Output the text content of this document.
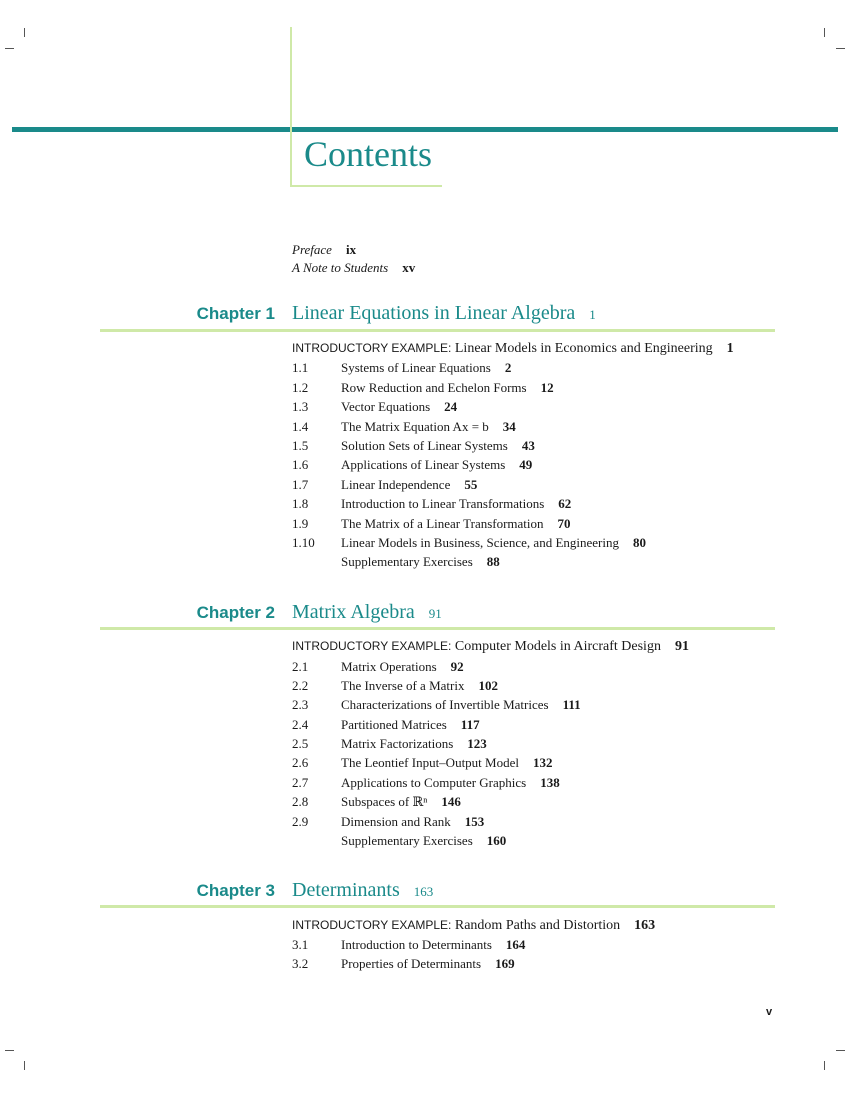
Contents
Preface ix
A Note to Students xv
Chapter 1 Linear Equations in Linear Algebra 1
INTRODUCTORY EXAMPLE: Linear Models in Economics and Engineering 1
1.1	Systems of Linear Equations 2
1.2	Row Reduction and Echelon Forms 12
1.3	Vector Equations 24
1.4	The Matrix Equation Ax = b 34
1.5	Solution Sets of Linear Systems 43
1.6	Applications of Linear Systems 49
1.7	Linear Independence 55
1.8	Introduction to Linear Transformations 62
1.9	The Matrix of a Linear Transformation 70
1.10 Linear Models in Business, Science, and Engineering 80
Supplementary Exercises 88
Chapter 2 Matrix Algebra 91
INTRODUCTORY EXAMPLE: Computer Models in Aircraft Design 91
2.1	Matrix Operations 92
2.2	The Inverse of a Matrix 102
2.3	Characterizations of Invertible Matrices 111
2.4	Partitioned Matrices 117
2.5	Matrix Factorizations 123
2.6	The Leontief Input–Output Model 132
2.7	Applications to Computer Graphics 138
2.8	Subspaces of ℝⁿ 146
2.9	Dimension and Rank 153
Supplementary Exercises 160
Chapter 3 Determinants 163
INTRODUCTORY EXAMPLE: Random Paths and Distortion 163
3.1	Introduction to Determinants 164
3.2	Properties of Determinants 169
v
